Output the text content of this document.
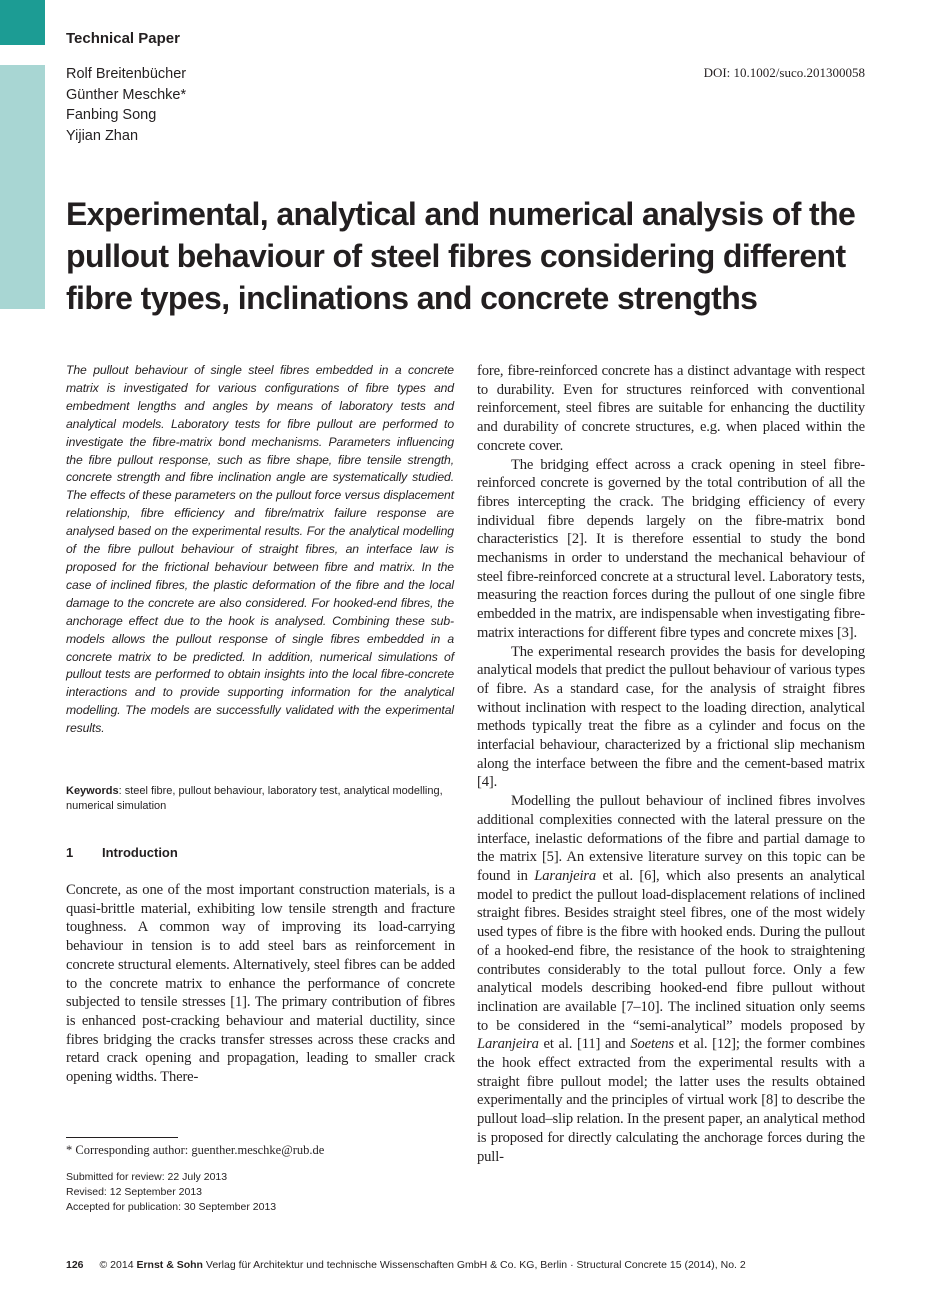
Technical Paper
Rolf Breitenbücher
Günther Meschke*
Fanbing Song
Yijian Zhan
DOI: 10.1002/suco.201300058
Experimental, analytical and numerical analysis of the pullout behaviour of steel fibres considering different fibre types, inclinations and concrete strengths
The pullout behaviour of single steel fibres embedded in a concrete matrix is investigated for various configurations of fibre types and embedment lengths and angles by means of laboratory tests and analytical models. Laboratory tests for fibre pullout are performed to investigate the fibre-matrix bond mechanisms. Parameters influencing the fibre pullout response, such as fibre shape, fibre tensile strength, concrete strength and fibre inclination angle are systematically studied. The effects of these parameters on the pullout force versus displacement relationship, fibre efficiency and fibre/matrix failure response are analysed based on the experimental results. For the analytical modelling of the fibre pullout behaviour of straight fibres, an interface law is proposed for the frictional behaviour between fibre and matrix. In the case of inclined fibres, the plastic deformation of the fibre and the local damage to the concrete are also considered. For hooked-end fibres, the anchorage effect due to the hook is analysed. Combining these sub-models allows the pullout response of single fibres embedded in a concrete matrix to be predicted. In addition, numerical simulations of pullout tests are performed to obtain insights into the local fibre-concrete interactions and to provide supporting information for the analytical modelling. The models are successfully validated with the experimental results.
Keywords: steel fibre, pullout behaviour, laboratory test, analytical modelling, numerical simulation
1 Introduction

Concrete, as one of the most important construction materials, is a quasi-brittle material, exhibiting low tensile strength and fracture toughness. A common way of improving its load-carrying behaviour in tension is to add steel bars as reinforcement in concrete structural elements. Alternatively, steel fibres can be added to the concrete matrix to enhance the performance of concrete subjected to tensile stresses [1]. The primary contribution of fibres is enhanced post-cracking behaviour and material ductility, since fibres bridging the cracks transfer stresses across these cracks and retard crack opening and propagation, leading to smaller crack opening widths. There-

* Corresponding author: guenther.meschke@rub.de
Submitted for review: 22 July 2013
Revised: 12 September 2013
Accepted for publication: 30 September 2013

fore, fibre-reinforced concrete has a distinct advantage with respect to durability. Even for structures reinforced with conventional reinforcement, steel fibres are suitable for enhancing the ductility and durability of concrete structures, e.g. when placed within the concrete cover.

The bridging effect across a crack opening in steel fibre-reinforced concrete is governed by the total contribution of all the fibres intercepting the crack. The bridging efficiency of every individual fibre depends largely on the fibre-matrix bond characteristics [2]. It is therefore essential to study the bond mechanisms in order to understand the mechanical behaviour of steel fibre-reinforced concrete at a structural level. Laboratory tests, measuring the reaction forces during the pullout of one single fibre embedded in the matrix, are indispensable when investigating fibre-matrix interactions for different fibre types and concrete mixes [3].

The experimental research provides the basis for developing analytical models that predict the pullout behaviour of various types of fibre. As a standard case, for the analysis of straight fibres without inclination with respect to the loading direction, analytical methods typically treat the fibre as a cylinder and focus on the interfacial behaviour, characterized by a frictional slip mechanism along the interface between the fibre and the cement-based matrix [4].

Modelling the pullout behaviour of inclined fibres involves additional complexities connected with the lateral pressure on the interface, inelastic deformations of the fibre and partial damage to the matrix [5]. An extensive literature survey on this topic can be found in Laranjeira et al. [6], which also presents an analytical model to predict the pullout load-displacement relations of inclined straight fibres. Besides straight steel fibres, one of the most widely used types of fibre is the fibre with hooked ends. During the pullout of a hooked-end fibre, the resistance of the hook to straightening contributes considerably to the total pullout force. Only a few analytical models describing hooked-end fibre pullout without inclination are available [7–10]. The inclined situation only seems to be considered in the “semi-analytical” models proposed by Laranjeira et al. [11] and Soetens et al. [12]; the former combines the hook effect extracted from the experimental results with a straight fibre pullout model; the latter uses the results obtained experimentally and the principles of virtual work [8] to describe the pullout load–slip relation. In the present paper, an analytical method is proposed for directly calculating the anchorage forces during the pull-

126 © 2014 Ernst & Sohn Verlag für Architektur und technische Wissenschaften GmbH & Co. KG, Berlin · Structural Concrete 15 (2014), No. 2
